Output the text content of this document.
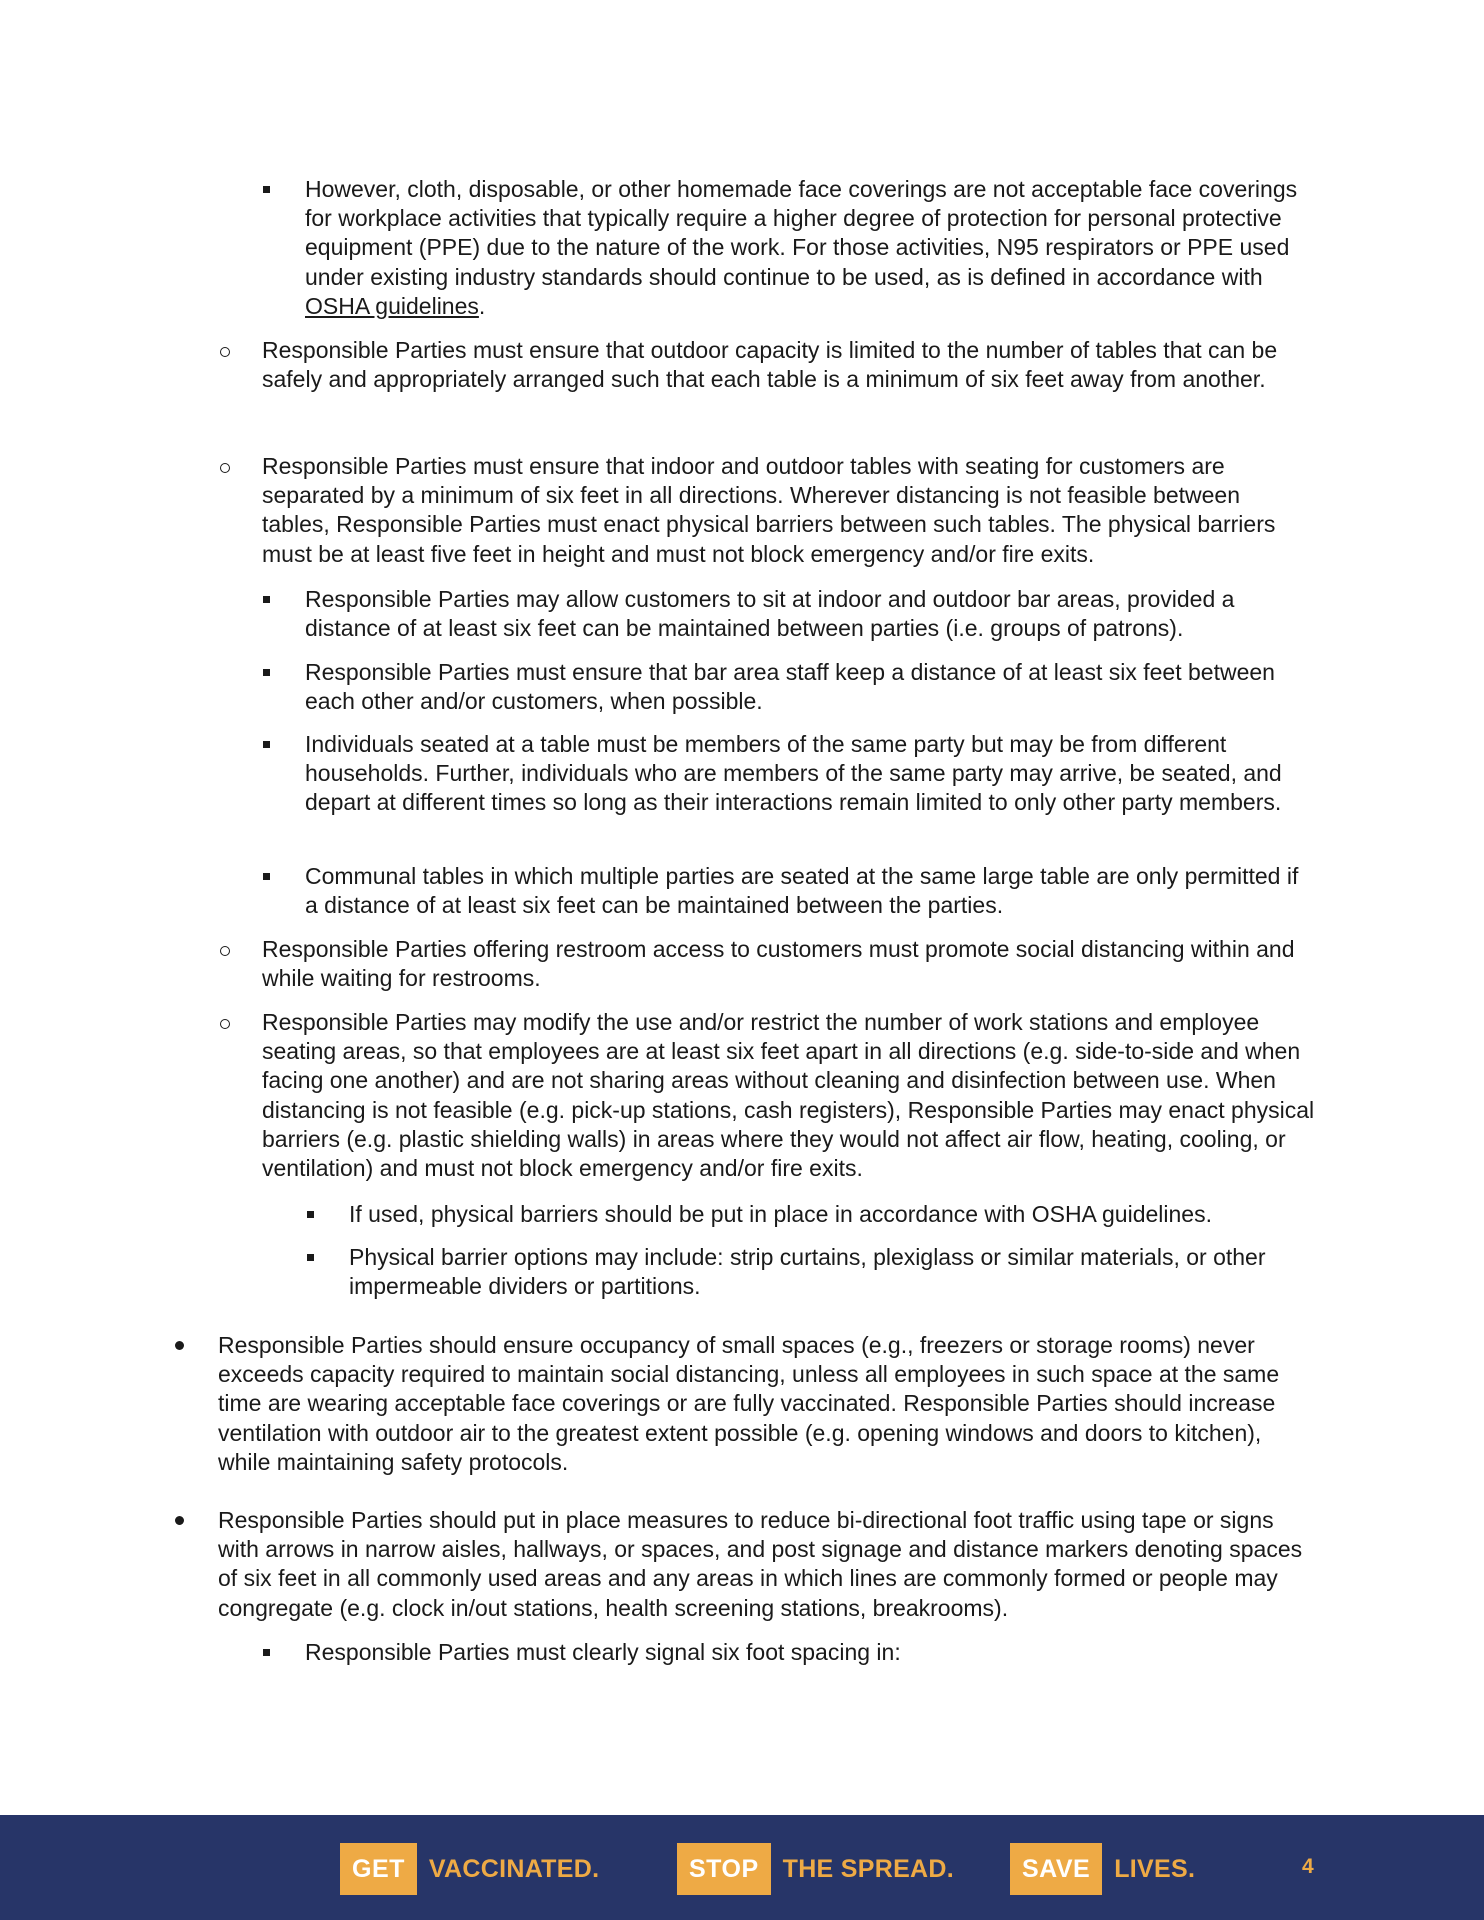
However, cloth, disposable, or other homemade face coverings are not acceptable face coverings for workplace activities that typically require a higher degree of protection for personal protective equipment (PPE) due to the nature of the work. For those activities, N95 respirators or PPE used under existing industry standards should continue to be used, as is defined in accordance with OSHA guidelines.
Responsible Parties must ensure that outdoor capacity is limited to the number of tables that can be safely and appropriately arranged such that each table is a minimum of six feet away from another.
Responsible Parties must ensure that indoor and outdoor tables with seating for customers are separated by a minimum of six feet in all directions. Wherever distancing is not feasible between tables, Responsible Parties must enact physical barriers between such tables. The physical barriers must be at least five feet in height and must not block emergency and/or fire exits.
Responsible Parties may allow customers to sit at indoor and outdoor bar areas, provided a distance of at least six feet can be maintained between parties (i.e. groups of patrons).
Responsible Parties must ensure that bar area staff keep a distance of at least six feet between each other and/or customers, when possible.
Individuals seated at a table must be members of the same party but may be from different households. Further, individuals who are members of the same party may arrive, be seated, and depart at different times so long as their interactions remain limited to only other party members.
Communal tables in which multiple parties are seated at the same large table are only permitted if a distance of at least six feet can be maintained between the parties.
Responsible Parties offering restroom access to customers must promote social distancing within and while waiting for restrooms.
Responsible Parties may modify the use and/or restrict the number of work stations and employee seating areas, so that employees are at least six feet apart in all directions (e.g. side-to-side and when facing one another) and are not sharing areas without cleaning and disinfection between use. When distancing is not feasible (e.g. pick-up stations, cash registers), Responsible Parties may enact physical barriers (e.g. plastic shielding walls) in areas where they would not affect air flow, heating, cooling, or ventilation) and must not block emergency and/or fire exits.
If used, physical barriers should be put in place in accordance with OSHA guidelines.
Physical barrier options may include: strip curtains, plexiglass or similar materials, or other impermeable dividers or partitions.
Responsible Parties should ensure occupancy of small spaces (e.g., freezers or storage rooms) never exceeds capacity required to maintain social distancing, unless all employees in such space at the same time are wearing acceptable face coverings or are fully vaccinated. Responsible Parties should increase ventilation with outdoor air to the greatest extent possible (e.g. opening windows and doors to kitchen), while maintaining safety protocols.
Responsible Parties should put in place measures to reduce bi-directional foot traffic using tape or signs with arrows in narrow aisles, hallways, or spaces, and post signage and distance markers denoting spaces of six feet in all commonly used areas and any areas in which lines are commonly formed or people may congregate (e.g. clock in/out stations, health screening stations, breakrooms).
Responsible Parties must clearly signal six foot spacing in:
GET VACCINATED.	STOP THE SPREAD.	SAVE LIVES.	4
